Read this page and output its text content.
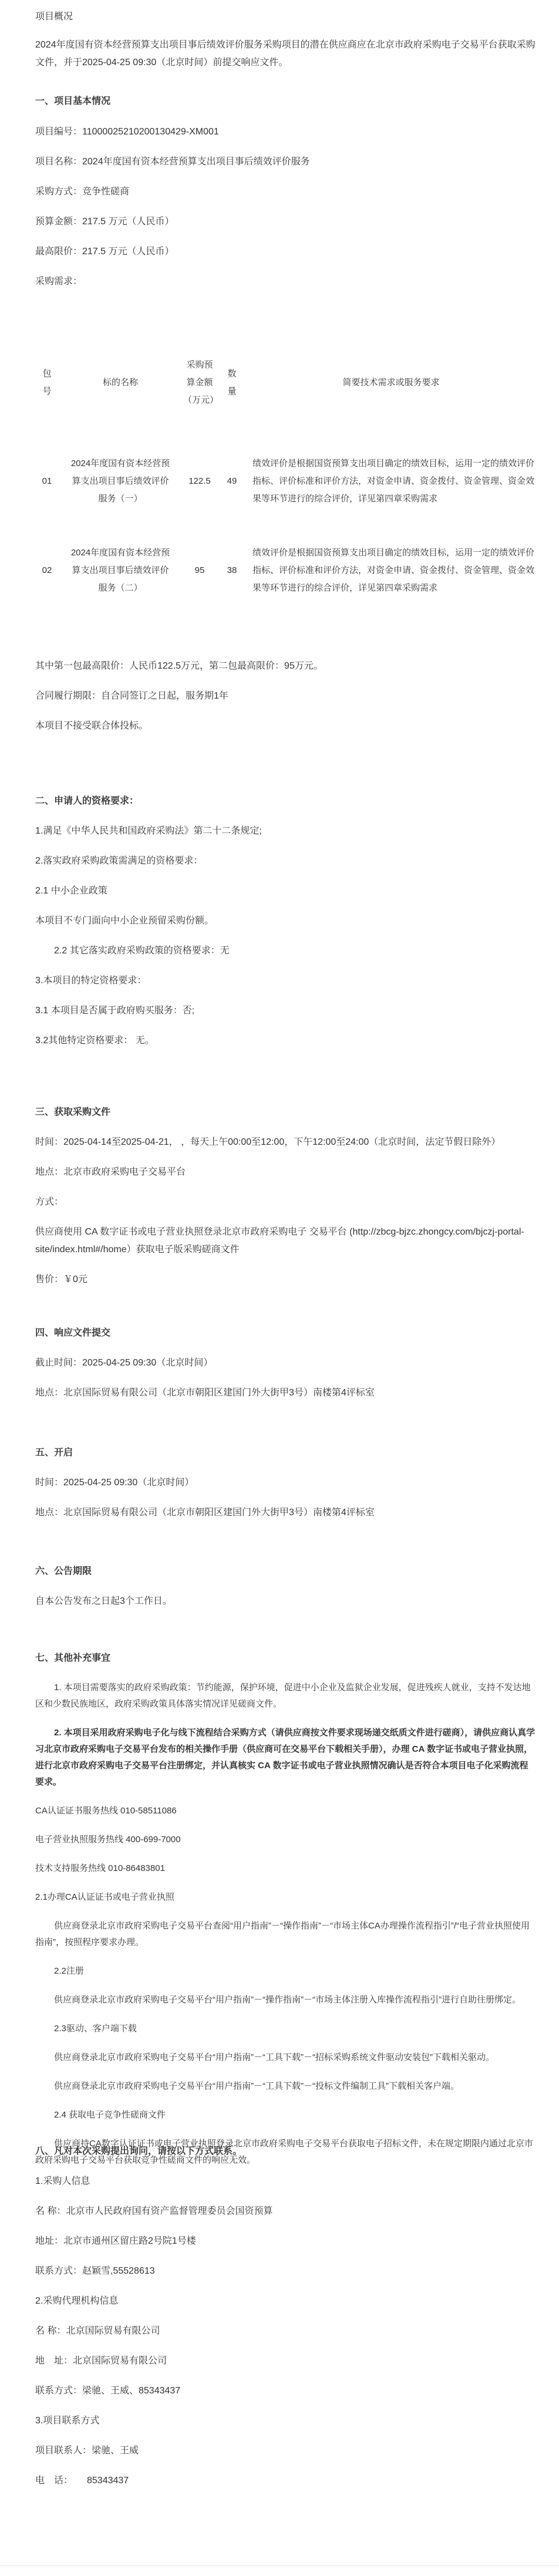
项目概况

2024年度国有资本经营预算支出项目事后绩效评价服务采购项目的潜在供应商应在北京市政府采购电子交易平台获取采购文件，并于2025-04-25 09:30（北京时间）前提交响应文件。

一、项目基本情况

项目编号：11000025210200130429-XM001

项目名称：2024年度国有资本经营预算支出项目事后绩效评价服务

采购方式：竞争性磋商

预算金额：217.5 万元（人民币）

最高限价：217.5 万元（人民币）

采购需求：

包号	标的名称	采购预算金额（万元）	数量	简要技术需求或服务要求
01	2024年度国有资本经营预算支出项目事后绩效评价服务（一）	122.5	49	绩效评价是根据国资预算支出项目确定的绩效目标，运用一定的绩效评价指标、评价标准和评价方法，对资金申请、资金拨付、资金管理、资金效果等环节进行的综合评价，详见第四章采购需求
02	2024年度国有资本经营预算支出项目事后绩效评价服务（二）	95	38	绩效评价是根据国资预算支出项目确定的绩效目标，运用一定的绩效评价指标、评价标准和评价方法，对资金申请、资金拨付、资金管理、资金效果等环节进行的综合评价，详见第四章采购需求

其中第一包最高限价：人民币122.5万元，第二包最高限价：95万元。

合同履行期限：自合同签订之日起，服务期1年

本项目不接受联合体投标。

二、申请人的资格要求：

1.满足《中华人民共和国政府采购法》第二十二条规定;

2.落实政府采购政策需满足的资格要求：

2.1 中小企业政策

本项目不专门面向中小企业预留采购份额。

2.2 其它落实政府采购政策的资格要求：无

3.本项目的特定资格要求：

3.1 本项目是否属于政府购买服务：否;

3.2其他特定资格要求： 无。

三、获取采购文件

时间：2025-04-14至2025-04-21， ，每天上午00:00至12:00，下午12:00至24:00（北京时间，法定节假日除外）

地点：北京市政府采购电子交易平台

方式：

供应商使用 CA 数字证书或电子营业执照登录北京市政府采购电子 交易平台 (http://zbcg-bjzc.zhongcy.com/bjczj-portal-site/index.html#/home）获取电子版采购磋商文件

售价：￥0元

四、响应文件提交

截止时间：2025-04-25 09:30（北京时间）

地点：北京国际贸易有限公司（北京市朝阳区建国门外大街甲3号）南楼第4评标室

五、开启

时间：2025-04-25 09:30（北京时间）

地点：北京国际贸易有限公司（北京市朝阳区建国门外大街甲3号）南楼第4评标室

六、公告期限

自本公告发布之日起3个工作日。

七、其他补充事宜

1. 本项目需要落实的政府采购政策：节约能源，保护环境，促进中小企业及监狱企业发展，促进残疾人就业，支持不发达地区和少数民族地区，政府采购政策具体落实情况详见磋商文件。

2. 本项目采用政府采购电子化与线下流程结合采购方式（请供应商按文件要求现场递交纸质文件进行磋商），请供应商认真学习北京市政府采购电子交易平台发布的相关操作手册（供应商可在交易平台下载相关手册），办理 CA 数字证书或电子营业执照，进行北京市政府采购电子交易平台注册绑定，并认真核实 CA 数字证书或电子营业执照情况确认是否符合本项目电子化采购流程要求。

CA认证证书服务热线 010-58511086

电子营业执照服务热线 400-699-7000

技术支持服务热线 010-86483801

2.1办理CA认证证书或电子营业执照

供应商登录北京市政府采购电子交易平台查阅“用户指南”－“操作指南”－“市场主体CA办理操作流程指引”/“电子营业执照使用指南”，按照程序要求办理。

2.2注册

供应商登录北京市政府采购电子交易平台“用户指南”－“操作指南”－“市场主体注册入库操作流程指引”进行自助往册绑定。

2.3驱动、客户端下载

供应商登录北京市政府采购电子交易平台“用户指南”－“工具下载”－“招标采购系统文件驱动安装包”下载相关驱动。

供应商登录北京市政府采购电子交易平台“用户指南”－“工具下载”－“投标文件编制工具”下载相关客户端。

2.4 获取电子竞争性磋商文件

供应商持CA数字认证证书或电子营业执照登录北京市政府采购电子交易平台获取电子招标文件，未在规定期限内通过北京市政府采购电子交易平台获取竞争性磋商文件的响应无效。

八、凡对本次采购提出询问，请按以下方式联系。

1.采购人信息

名 称：北京市人民政府国有资产监督管理委员会国资预算

地址：北京市通州区留庄路2号院1号楼

联系方式：赵颖雪,55528613

2.采购代理机构信息

名 称：北京国际贸易有限公司

地　址：北京国际贸易有限公司

联系方式：梁驰、王威、85343437

3.项目联系方式

项目联系人：梁驰、王威

电　话：　　85343437
